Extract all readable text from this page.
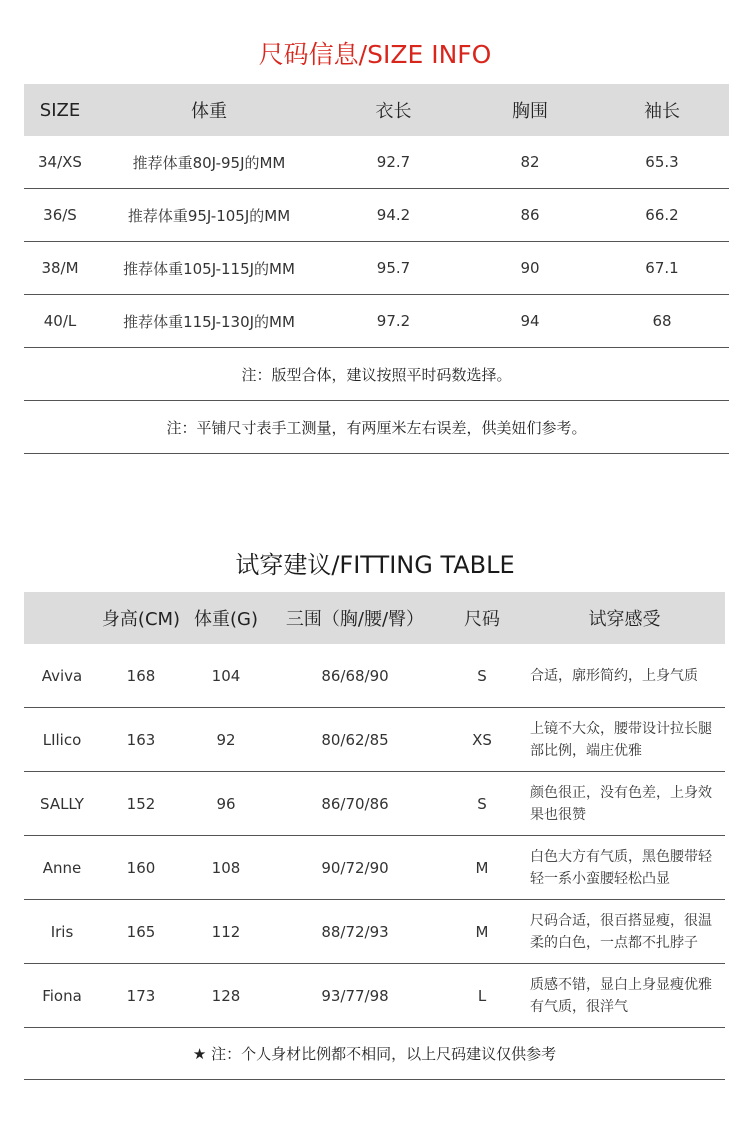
尺码信息/SIZE INFO
SIZE	体重	衣长	胸围	袖长
34/XS	推荐体重80J-95J的MM	92.7	82	65.3
36/S	推荐体重95J-105J的MM	94.2	86	66.2
38/M	推荐体重105J-115J的MM	95.7	90	67.1
40/L	推荐体重115J-130J的MM	97.2	94	68
注：版型合体，建议按照平时码数选择。				
注：平铺尺寸表手工测量，有两厘米左右误差，供美妞们参考。				
试穿建议/FITTING TABLE
	身高(CM)	体重(G)	三围（胸/腰/臀）	尺码	试穿感受
Aviva	168	104	86/68/90	S	合适，廓形简约，上身气质
LIlico	163	92	80/62/85	XS	上镜不大众，腰带设计拉长腿部比例，端庄优雅
SALLY	152	96	86/70/86	S	颜色很正，没有色差，上身效果也很赞
Anne	160	108	90/72/90	M	白色大方有气质，黑色腰带轻轻一系小蛮腰轻松凸显
Iris	165	112	88/72/93	M	尺码合适，很百搭显瘦，很温柔的白色，一点都不扎脖子
Fiona	173	128	93/77/98	L	质感不错，显白上身显瘦优雅有气质，很洋气
★ 注：个人身材比例都不相同，以上尺码建议仅供参考					
